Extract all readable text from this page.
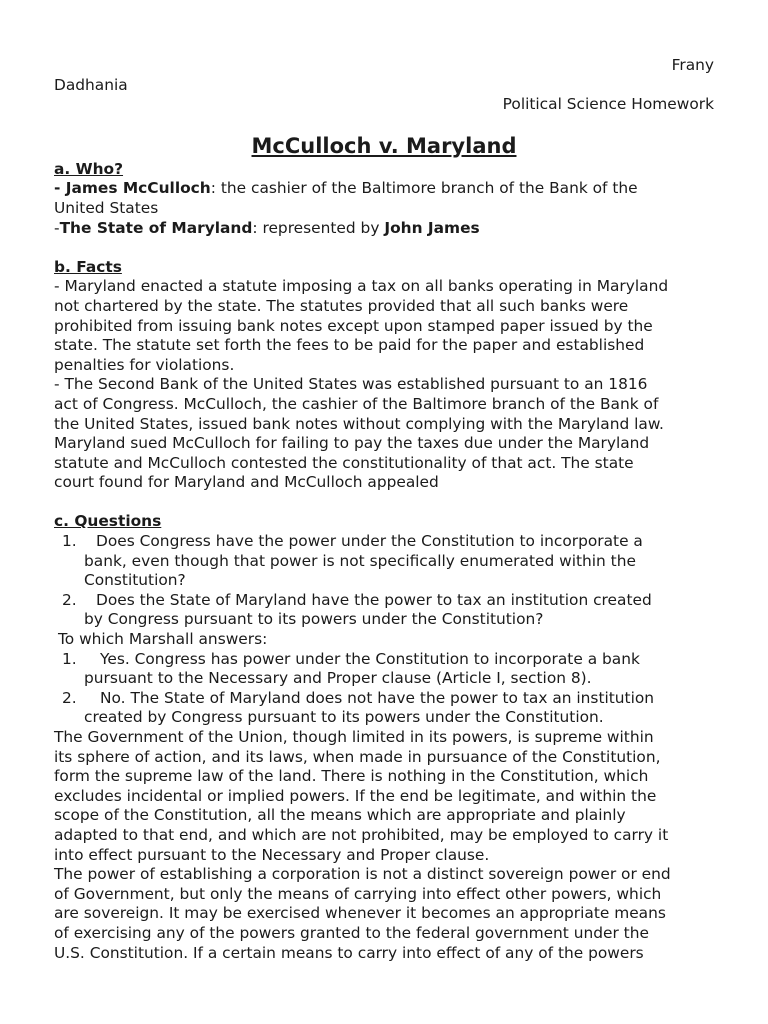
Frany
Dadhania
Political Science Homework
McCulloch v. Maryland
a. Who?
- James McCulloch: the cashier of the Baltimore branch of the Bank of the
United States
-The State of Maryland: represented by John James
b. Facts
- Maryland enacted a statute imposing a tax on all banks operating in Maryland
not chartered by the state. The statutes provided that all such banks were
prohibited from issuing bank notes except upon stamped paper issued by the
state. The statute set forth the fees to be paid for the paper and established
penalties for violations.
- The Second Bank of the United States was established pursuant to an 1816
act of Congress. McCulloch, the cashier of the Baltimore branch of the Bank of
the United States, issued bank notes without complying with the Maryland law.
Maryland sued McCulloch for failing to pay the taxes due under the Maryland
statute and McCulloch contested the constitutionality of that act. The state
court found for Maryland and McCulloch appealed
c. Questions
1.	Does Congress have the power under the Constitution to incorporate a
bank, even though that power is not specifically enumerated within the
Constitution?
2.	Does the State of Maryland have the power to tax an institution created
by Congress pursuant to its powers under the Constitution?
To which Marshall answers:
1.	Yes. Congress has power under the Constitution to incorporate a bank
pursuant to the Necessary and Proper clause (Article I, section 8).
2.	No. The State of Maryland does not have the power to tax an institution
created by Congress pursuant to its powers under the Constitution.
The Government of the Union, though limited in its powers, is supreme within
its sphere of action, and its laws, when made in pursuance of the Constitution,
form the supreme law of the land. There is nothing in the Constitution, which
excludes incidental or implied powers. If the end be legitimate, and within the
scope of the Constitution, all the means which are appropriate and plainly
adapted to that end, and which are not prohibited, may be employed to carry it
into effect pursuant to the Necessary and Proper clause.
The power of establishing a corporation is not a distinct sovereign power or end
of Government, but only the means of carrying into effect other powers, which
are sovereign. It may be exercised whenever it becomes an appropriate means
of exercising any of the powers granted to the federal government under the
U.S. Constitution. If a certain means to carry into effect of any of the powers
